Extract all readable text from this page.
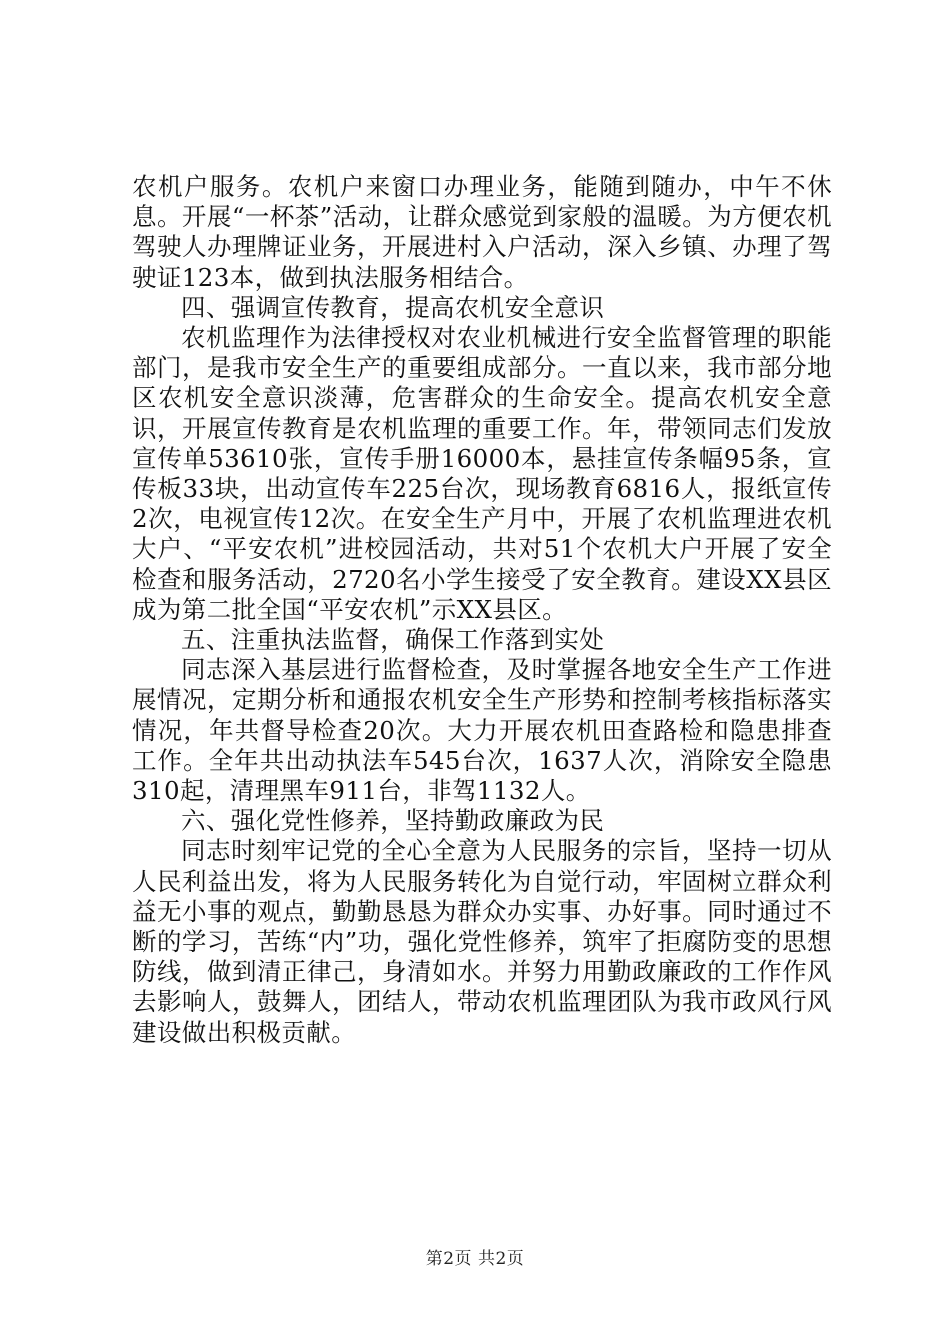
农机户服务。农机户来窗口办理业务，能随到随办，中午不休息。开展“一杯茶”活动，让群众感觉到家般的温暖。为方便农机驾驶人办理牌证业务，开展进村入户活动，深入乡镇、办理了驾驶证123本，做到执法服务相结合。

四、强调宣传教育，提高农机安全意识

农机监理作为法律授权对农业机械进行安全监督管理的职能部门，是我市安全生产的重要组成部分。一直以来，我市部分地区农机安全意识淡薄，危害群众的生命安全。提高农机安全意识，开展宣传教育是农机监理的重要工作。年，带领同志们发放宣传单53610张，宣传手册16000本，悬挂宣传条幅95条，宣传板33块，出动宣传车225台次，现场教育6816人，报纸宣传2次，电视宣传12次。在安全生产月中，开展了农机监理进农机大户、“平安农机”进校园活动，共对51个农机大户开展了安全检查和服务活动，2720名小学生接受了安全教育。建设XX县区成为第二批全国“平安农机”示XX县区。

五、注重执法监督，确保工作落到实处

同志深入基层进行监督检查，及时掌握各地安全生产工作进展情况，定期分析和通报农机安全生产形势和控制考核指标落实情况，年共督导检查20次。大力开展农机田查路检和隐患排查工作。全年共出动执法车545台次，1637人次，消除安全隐患310起，清理黑车911台，非驾1132人。

六、强化党性修养，坚持勤政廉政为民

同志时刻牢记党的全心全意为人民服务的宗旨，坚持一切从人民利益出发，将为人民服务转化为自觉行动，牢固树立群众利益无小事的观点，勤勤恳恳为群众办实事、办好事。同时通过不断的学习，苦练“内”功，强化党性修养，筑牢了拒腐防变的思想防线，做到清正律己，身清如水。并努力用勤政廉政的工作作风去影响人，鼓舞人，团结人，带动农机监理团队为我市政风行风建设做出积极贡献。

第2页 共2页
